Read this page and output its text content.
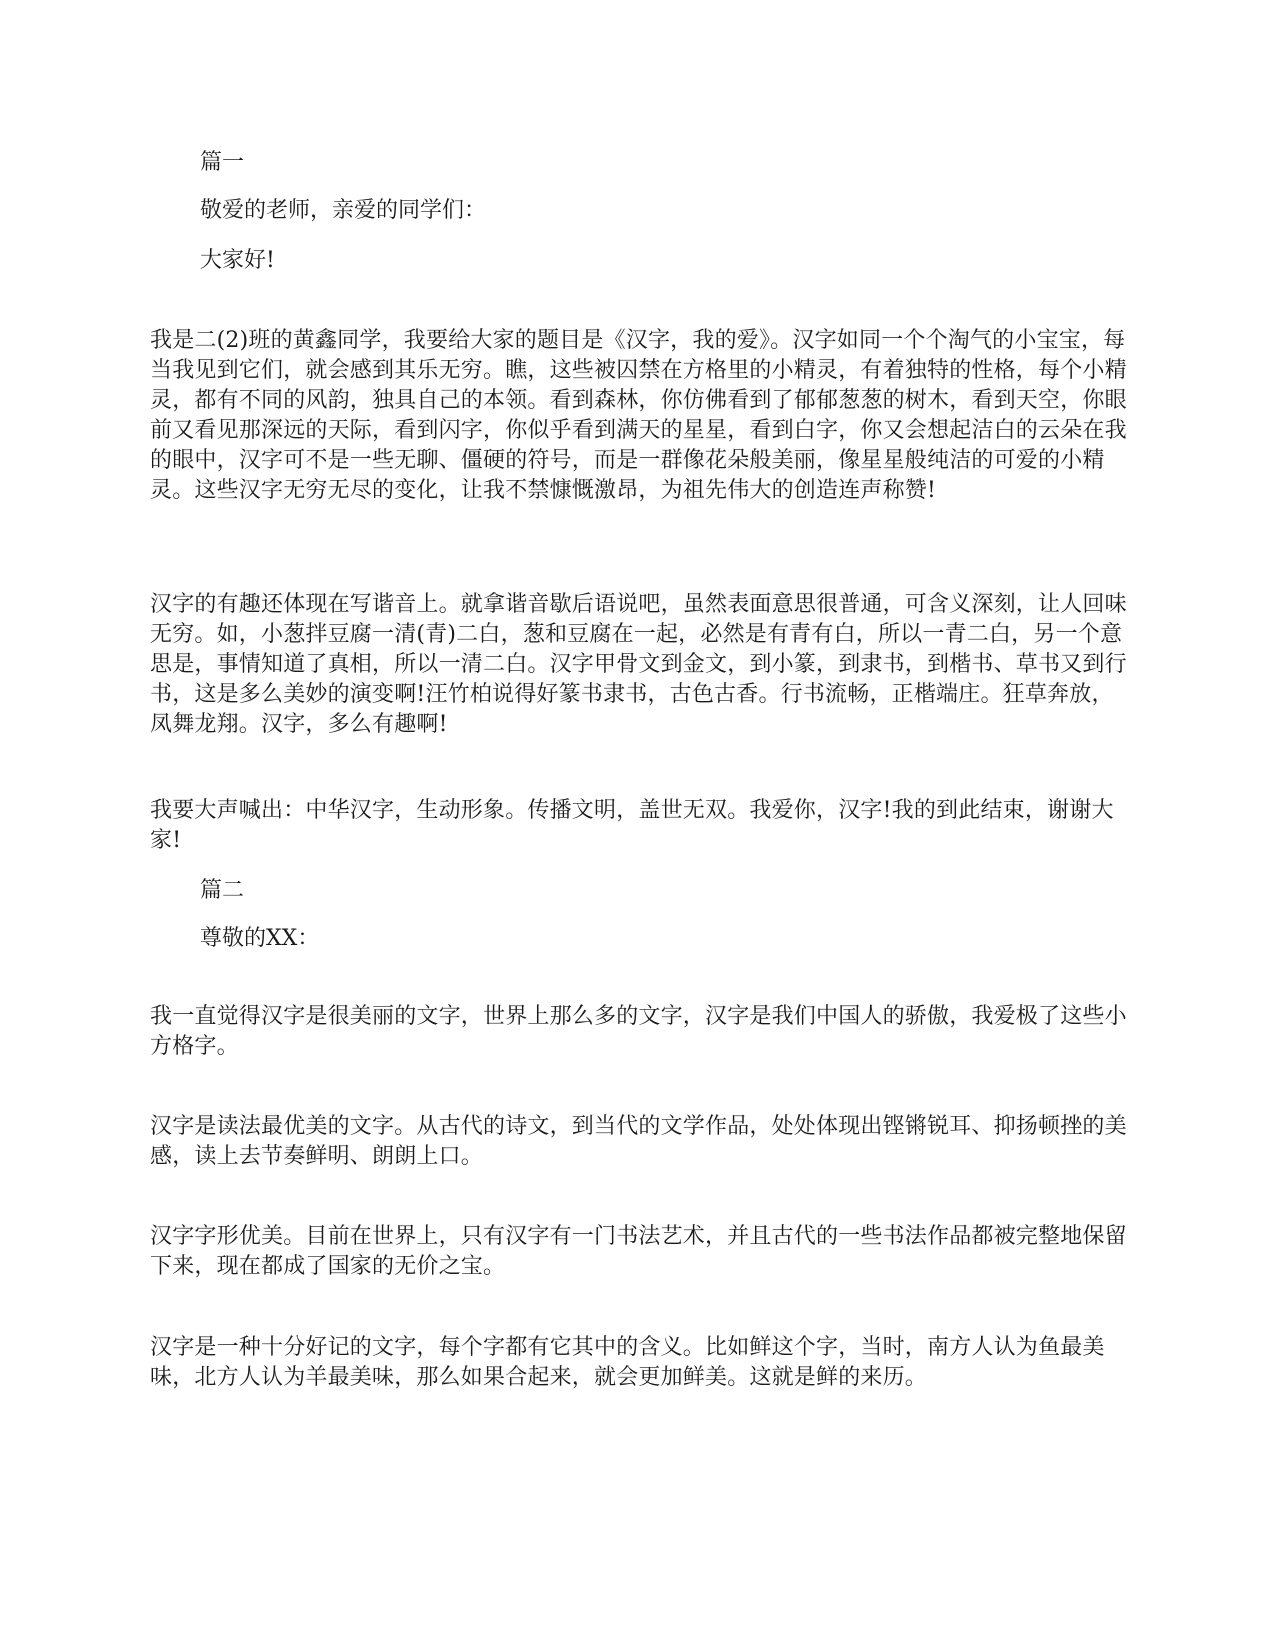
篇一
敬爱的老师，亲爱的同学们：
大家好!
我是二(2)班的黄鑫同学，我要给大家的题目是《汉字，我的爱》。汉字如同一个个淘气的小宝宝，每当我见到它们，就会感到其乐无穷。瞧，这些被囚禁在方格里的小精灵，有着独特的性格，每个小精灵，都有不同的风韵，独具自己的本领。看到森林，你仿佛看到了郁郁葱葱的树木，看到天空，你眼前又看见那深远的天际，看到闪字，你似乎看到满天的星星，看到白字，你又会想起洁白的云朵在我的眼中，汉字可不是一些无聊、僵硬的符号，而是一群像花朵般美丽，像星星般纯洁的可爱的小精灵。这些汉字无穷无尽的变化，让我不禁慷慨激昂，为祖先伟大的创造连声称赞!
汉字的有趣还体现在写谐音上。就拿谐音歇后语说吧，虽然表面意思很普通，可含义深刻，让人回味无穷。如，小葱拌豆腐一清(青)二白，葱和豆腐在一起，必然是有青有白，所以一青二白，另一个意思是，事情知道了真相，所以一清二白。汉字甲骨文到金文，到小篆，到隶书，到楷书、草书又到行书，这是多么美妙的演变啊!汪竹柏说得好篆书隶书，古色古香。行书流畅，正楷端庄。狂草奔放，凤舞龙翔。汉字，多么有趣啊!
我要大声喊出：中华汉字，生动形象。传播文明，盖世无双。我爱你，汉字!我的到此结束，谢谢大家!
篇二
尊敬的XX：
我一直觉得汉字是很美丽的文字，世界上那么多的文字，汉字是我们中国人的骄傲，我爱极了这些小方格字。
汉字是读法最优美的文字。从古代的诗文，到当代的文学作品，处处体现出铿锵锐耳、抑扬顿挫的美感，读上去节奏鲜明、朗朗上口。
汉字字形优美。目前在世界上，只有汉字有一门书法艺术，并且古代的一些书法作品都被完整地保留下来，现在都成了国家的无价之宝。
汉字是一种十分好记的文字，每个字都有它其中的含义。比如鲜这个字，当时，南方人认为鱼最美味，北方人认为羊最美味，那么如果合起来，就会更加鲜美。这就是鲜的来历。
